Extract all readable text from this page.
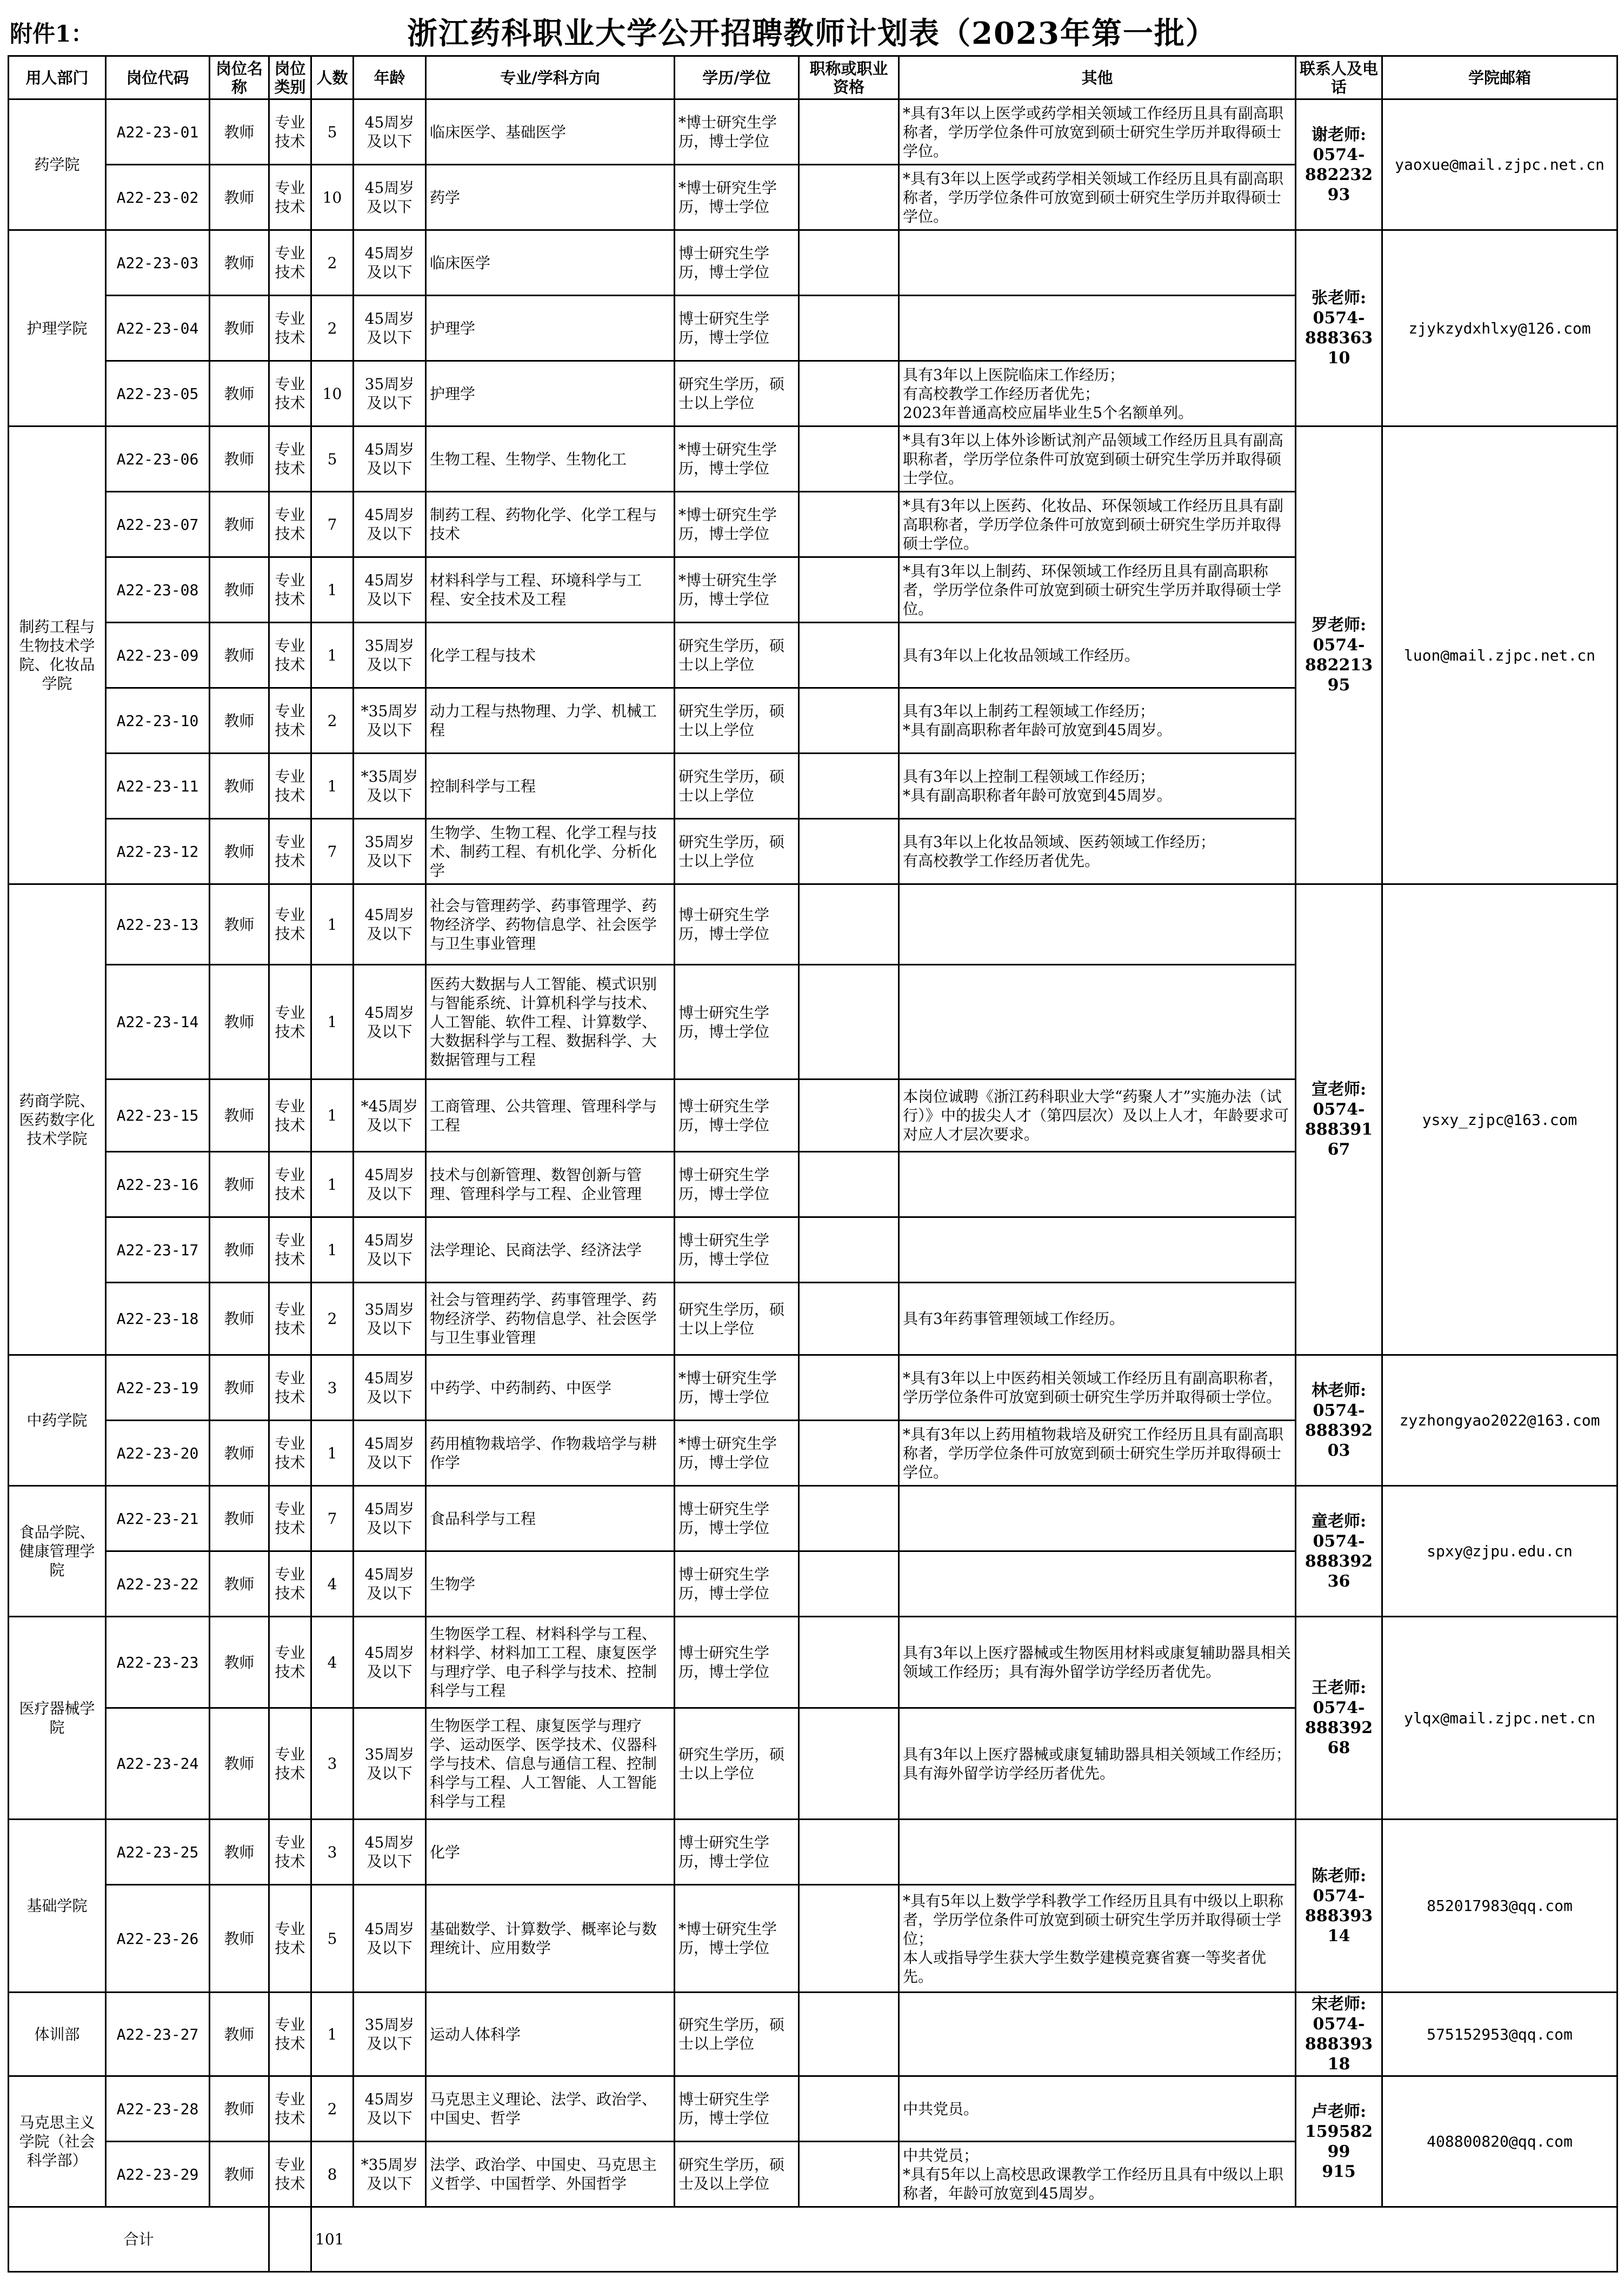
附件1：	浙江药科职业大学公开招聘教师计划表（2023年第一批）
用人部门	岗位代码	岗位名称	岗位类别	人数	年龄	专业/学科方向	学历/学位	职称或职业资格	其他	联系人及电话	学院邮箱
药学院	A22-23-01	教师	专业技术	5	45周岁及以下	临床医学、基础医学	*博士研究生学历，博士学位		*具有3年以上医学或药学相关领域工作经历且具有副高职称者，学历学位条件可放宽到硕士研究生学历并取得硕士学位。	谢老师:
0574-
88223293	yaoxue@mail.zjpc.net.cn
	A22-23-02	教师	专业技术	10	45周岁及以下	药学	*博士研究生学历，博士学位		*具有3年以上医学或药学相关领域工作经历且具有副高职称者，学历学位条件可放宽到硕士研究生学历并取得硕士学位。		
护理学院	A22-23-03	教师	专业技术	2	45周岁及以下	临床医学	博士研究生学历，博士学位			张老师:
0574-
88836310	zjykzydxhlxy@126.com
	A22-23-04	教师	专业技术	2	45周岁及以下	护理学	博士研究生学历，博士学位				
	A22-23-05	教师	专业技术	10	35周岁及以下	护理学	研究生学历，硕士以上学位		具有3年以上医院临床工作经历；
有高校教学工作经历者优先；
2023年普通高校应届毕业生5个名额单列。		
制药工程与生物技术学院、化妆品学院	A22-23-06	教师	专业技术	5	45周岁及以下	生物工程、生物学、生物化工	*博士研究生学历，博士学位		*具有3年以上体外诊断试剂产品领域工作经历且具有副高职称者，学历学位条件可放宽到硕士研究生学历并取得硕士学位。	罗老师:
0574-
88221395	luon@mail.zjpc.net.cn
	A22-23-07	教师	专业技术	7	45周岁及以下	制药工程、药物化学、化学工程与技术	*博士研究生学历，博士学位		*具有3年以上医药、化妆品、环保领域工作经历且具有副高职称者，学历学位条件可放宽到硕士研究生学历并取得硕士学位。		
	A22-23-08	教师	专业技术	1	45周岁及以下	材料科学与工程、环境科学与工程、安全技术及工程	*博士研究生学历，博士学位		*具有3年以上制药、环保领域工作经历且具有副高职称者，学历学位条件可放宽到硕士研究生学历并取得硕士学位。		
	A22-23-09	教师	专业技术	1	35周岁及以下	化学工程与技术	研究生学历，硕士以上学位		具有3年以上化妆品领域工作经历。		
	A22-23-10	教师	专业技术	2	*35周岁及以下	动力工程与热物理、力学、机械工程	研究生学历，硕士以上学位		具有3年以上制药工程领域工作经历；
*具有副高职称者年龄可放宽到45周岁。		
	A22-23-11	教师	专业技术	1	*35周岁及以下	控制科学与工程	研究生学历，硕士以上学位		具有3年以上控制工程领域工作经历；
*具有副高职称者年龄可放宽到45周岁。		
	A22-23-12	教师	专业技术	7	35周岁及以下	生物学、生物工程、化学工程与技术、制药工程、有机化学、分析化学	研究生学历，硕士以上学位		具有3年以上化妆品领域、医药领域工作经历；
有高校教学工作经历者优先。		
药商学院、医药数字化技术学院	A22-23-13	教师	专业技术	1	45周岁及以下	社会与管理药学、药事管理学、药物经济学、药物信息学、社会医学与卫生事业管理	博士研究生学历，博士学位			宣老师:
0574-
88839167	ysxy_zjpc@163.com
	A22-23-14	教师	专业技术	1	45周岁及以下	医药大数据与人工智能、模式识别与智能系统、计算机科学与技术、人工智能、软件工程、计算数学、大数据科学与工程、数据科学、大数据管理与工程	博士研究生学历，博士学位				
	A22-23-15	教师	专业技术	1	*45周岁及以下	工商管理、公共管理、管理科学与工程	博士研究生学历，博士学位		本岗位诚聘《浙江药科职业大学“药聚人才”实施办法（试行）》中的拔尖人才（第四层次）及以上人才，年龄要求可对应人才层次要求。		
	A22-23-16	教师	专业技术	1	45周岁及以下	技术与创新管理、数智创新与管理、管理科学与工程、企业管理	博士研究生学历，博士学位				
	A22-23-17	教师	专业技术	1	45周岁及以下	法学理论、民商法学、经济法学	博士研究生学历，博士学位				
	A22-23-18	教师	专业技术	2	35周岁及以下	社会与管理药学、药事管理学、药物经济学、药物信息学、社会医学与卫生事业管理	研究生学历，硕士以上学位		具有3年药事管理领域工作经历。		
中药学院	A22-23-19	教师	专业技术	3	45周岁及以下	中药学、中药制药、中医学	*博士研究生学历，博士学位		*具有3年以上中医药相关领域工作经历且有副高职称者，学历学位条件可放宽到硕士研究生学历并取得硕士学位。	林老师:
0574-
88839203	zyzhongyao2022@163.com
	A22-23-20	教师	专业技术	1	45周岁及以下	药用植物栽培学、作物栽培学与耕作学	*博士研究生学历，博士学位		*具有3年以上药用植物栽培及研究工作经历且具有副高职称者，学历学位条件可放宽到硕士研究生学历并取得硕士学位。		
食品学院、健康管理学院	A22-23-21	教师	专业技术	7	45周岁及以下	食品科学与工程	博士研究生学历，博士学位			童老师:
0574-
88839236	spxy@zjpu.edu.cn
	A22-23-22	教师	专业技术	4	45周岁及以下	生物学	博士研究生学历，博士学位				
医疗器械学院	A22-23-23	教师	专业技术	4	45周岁及以下	生物医学工程、材料科学与工程、材料学、材料加工工程、康复医学与理疗学、电子科学与技术、控制科学与工程	博士研究生学历，博士学位		具有3年以上医疗器械或生物医用材料或康复辅助器具相关领域工作经历；具有海外留学访学经历者优先。	王老师:
0574-
88839268	ylqx@mail.zjpc.net.cn
	A22-23-24	教师	专业技术	3	35周岁及以下	生物医学工程、康复医学与理疗学、运动医学、医学技术、仪器科学与技术、信息与通信工程、控制科学与工程、人工智能、人工智能科学与工程	研究生学历，硕士以上学位		具有3年以上医疗器械或康复辅助器具相关领域工作经历；具有海外留学访学经历者优先。		
基础学院	A22-23-25	教师	专业技术	3	45周岁及以下	化学	博士研究生学历，博士学位			陈老师:
0574-
88839314	852017983@qq.com
	A22-23-26	教师	专业技术	5	45周岁及以下	基础数学、计算数学、概率论与数理统计、应用数学	*博士研究生学历，博士学位		*具有5年以上数学学科教学工作经历且具有中级以上职称者，学历学位条件可放宽到硕士研究生学历并取得硕士学位；
本人或指导学生获大学生数学建模竞赛省赛一等奖者优先。		
体训部	A22-23-27	教师	专业技术	1	35周岁及以下	运动人体科学	研究生学历，硕士以上学位			宋老师:
0574-
88839318	575152953@qq.com
马克思主义学院（社会科学部）	A22-23-28	教师	专业技术	2	45周岁及以下	马克思主义理论、法学、政治学、中国史、哲学	博士研究生学历，博士学位		中共党员。	卢老师:
15958299
915	408800820@qq.com
	A22-23-29	教师	专业技术	8	*35周岁及以下	法学、政治学、中国史、马克思主义哲学、中国哲学、外国哲学	研究生学历，硕士及以上学位		中共党员；
*具有5年以上高校思政课教学工作经历且具有中级以上职称者，年龄可放宽到45周岁。		
合计				101							
